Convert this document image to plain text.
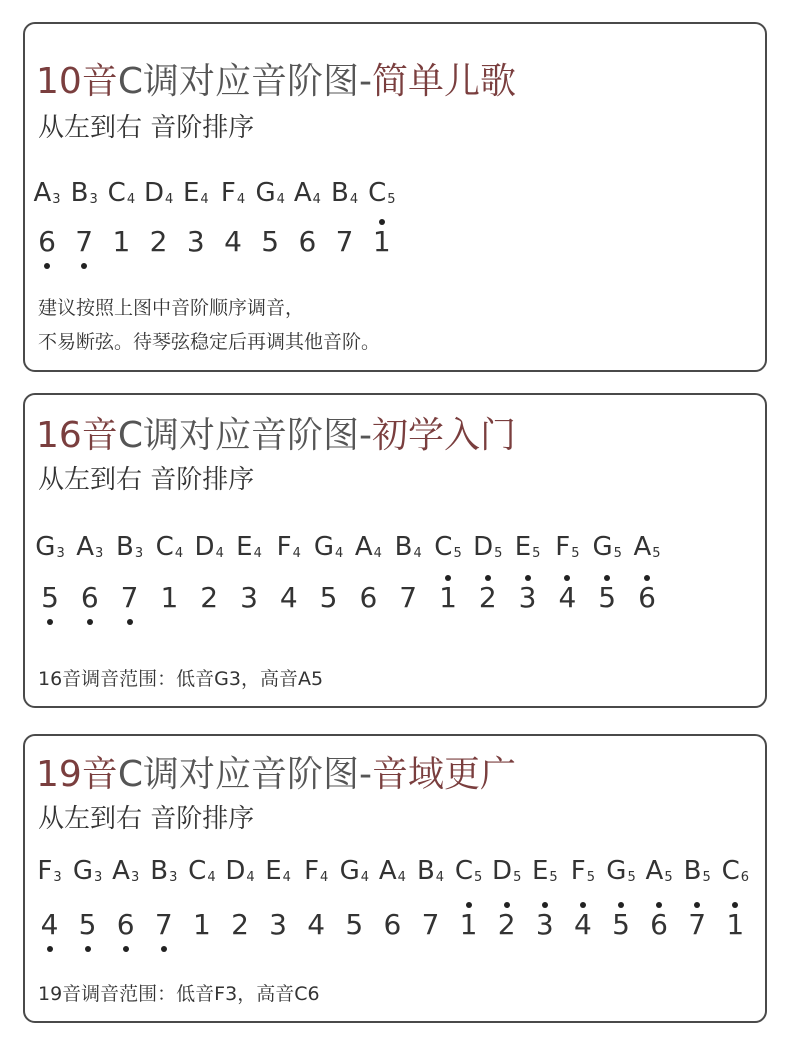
10音C调对应音阶图-简单儿歌
从左到右 音阶排序
$A_3$ $B_3$ $C_4$ $D_4$ $E_4$ $F_4$ $G_4$ $A_4$ $B_4$ $C_5$
6 7 1 2 3 4 5 6 7 1
建议按照上图中音阶顺序调音，
不易断弦。待琴弦稳定后再调其他音阶。
16音C调对应音阶图-初学入门
从左到右 音阶排序
$G_3$ $A_3$ $B_3$ $C_4$ $D_4$ $E_4$ $F_4$ $G_4$ $A_4$ $B_4$ $C_5$ $D_5$ $E_5$ $F_5$ $G_5$ $A_5$
5 6 7 1 2 3 4 5 6 7 1 2 3 4 5 6
16音调音范围：低音G3，高音A5
19音C调对应音阶图-音域更广
从左到右 音阶排序
$F_3$ $G_3$ $A_3$ $B_3$ $C_4$ $D_4$ $E_4$ $F_4$ $G_4$ $A_4$ $B_4$ $C_5$ $D_5$ $E_5$ $F_5$ $G_5$ $A_5$ $B_5$ $C_6$
4 5 6 7 1 2 3 4 5 6 7 1 2 3 4 5 6 7 1
19音调音范围：低音F3，高音C6
